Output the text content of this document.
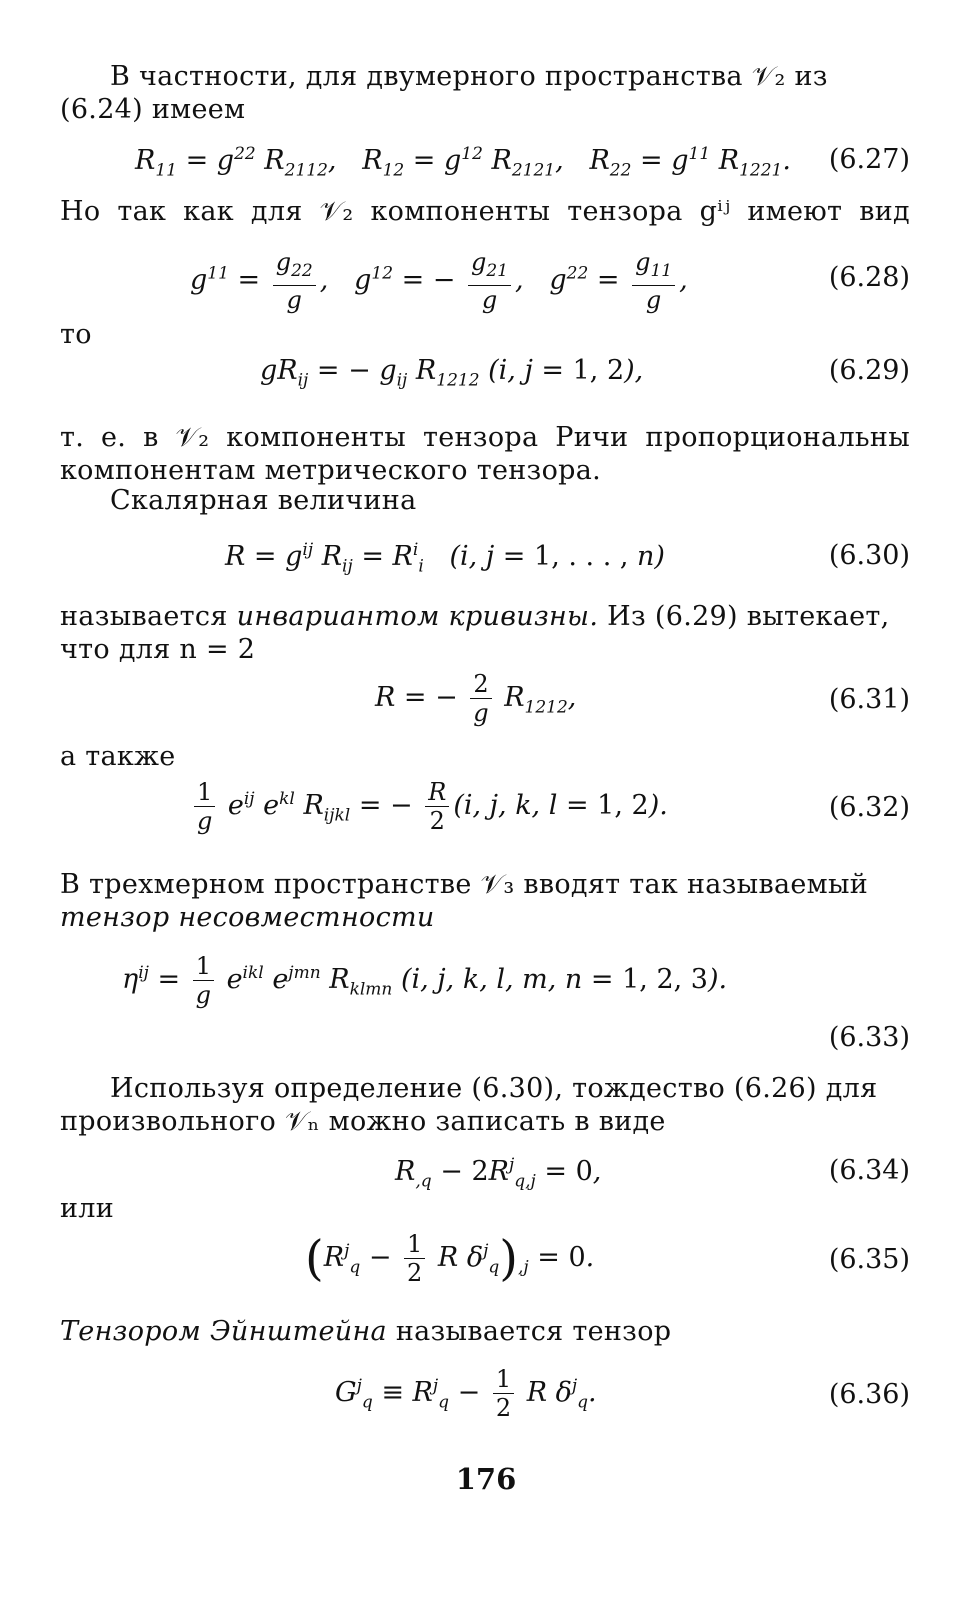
В частности, для двумерного пространства 𝒱₂ из (6.24) имеем
$R_{11} = g^{22}$ $R_{2112}$,   $R_{12} = g^{12}$ $R_{2121}$,   $R_{22} = g^{11}$ $R_{1221}$. (6.27)
Но так как для 𝒱₂ компоненты тензора gⁱʲ имеют вид
$g^{11} = \frac{g_{22}}{g}$ ,   $g^{12}$ = − $\frac{g_{21}}{g}$ ,   $g^{22} = \frac{g_{11}}{g}$ ,	(6.28)
то
$gR_{ij}$ = − $g_{ij}$ $R_{1212}$ (i, j = 1, 2),	(6.29)
т. е. в 𝒱₂ компоненты тензора Ричи пропорциональны компонентам метрического тензора.
Скалярная величина
$R = g^{ij}$ $R_{ij} = R^i_i$   (i, j = 1, . . . , n)	(6.30)
называется инвариантом кривизны. Из (6.29) вытекает, что для n = 2
R = − $\frac{2}{g} R_{1212}$,	(6.31)
а также
$\frac{1}{g} e^{ij}$ $e^{kl}$ $R_{ijkl}$ = − $\frac{R}{2} (i$, j, k, l = 1, 2).	(6.32)
В трехмерном пространстве 𝒱₃ вводят так называемый
тензор несовместности
$\eta^{ij} = \frac{1}{g} e^{ikl}$ $e^{jmn}$ $R_{klmn}$ (i, j, k, l, m, n = 1, 2, 3).
(6.33)
Используя определение (6.30), тождество (6.26) для произвольного 𝒱ₙ можно записать в виде
$R_{,q} - 2R^j_{q,j} = 0$,	(6.34)
или
($R^j_q - \frac{1}{2}$ R $\delta^j_q)_{,j} = 0$.	(6.35)
Тензором Эйнштейна называется тензор
$G^j_q \equiv R^j_q - \frac{1}{2}$ R $\delta^j_q$.	(6.36)
176
